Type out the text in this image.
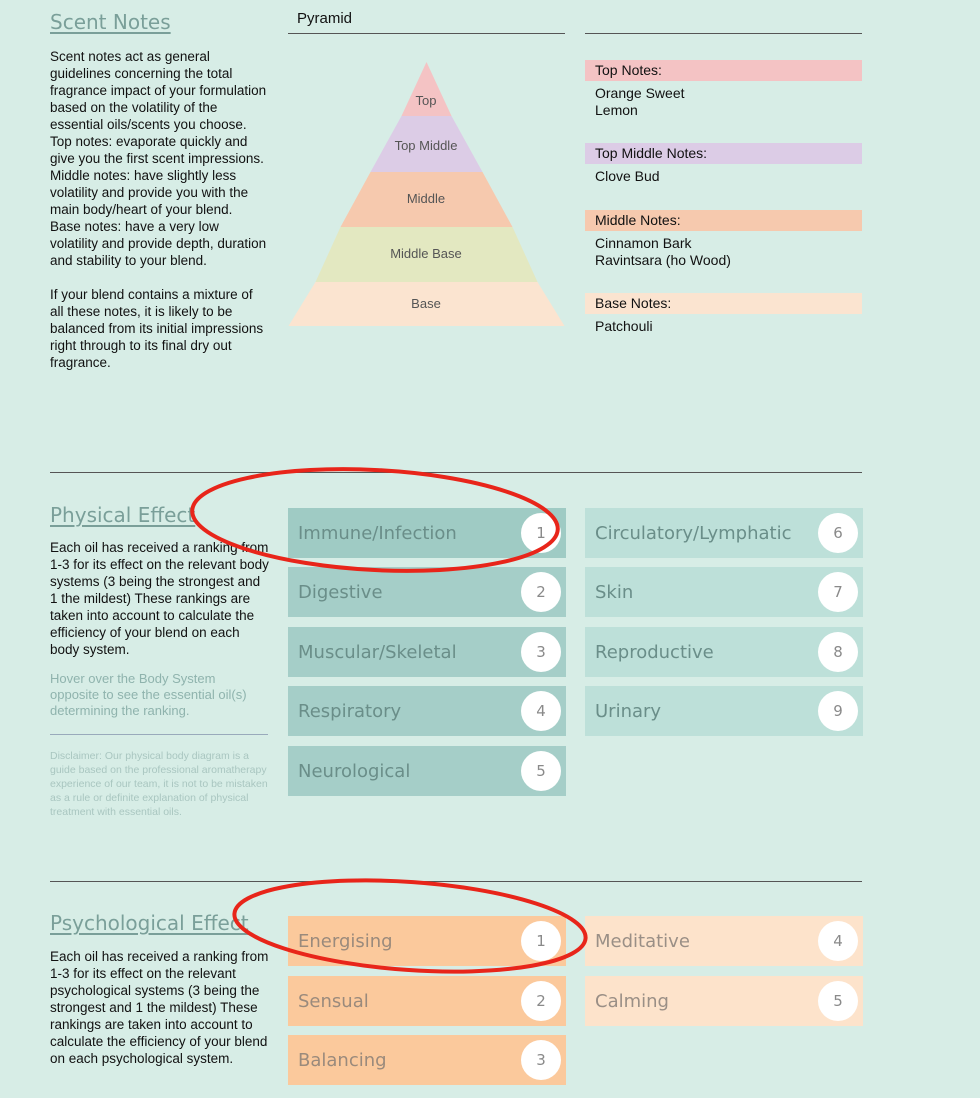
Scent Notes

Scent notes act as general guidelines concerning the total fragrance impact of your formulation based on the volatility of the essential oils/scents you choose.

Top notes: evaporate quickly and give you the first scent impressions.

Middle notes: have slightly less volatility and provide you with the main body/heart of your blend.

Base notes: have a very low volatility and provide depth, duration and stability to your blend.

If your blend contains a mixture of all these notes, it is likely to be balanced from its initial impressions right through to its final dry out fragrance.

Pyramid
Top
Top Middle
Middle
Middle Base
Base
Top Notes:
Orange Sweet
Lemon
Top Middle Notes:
Clove Bud
Middle Notes:
Cinnamon Bark
Ravintsara (ho Wood)
Base Notes:
Patchouli
Physical Effect
Each oil has received a ranking from 1-3 for its effect on the relevant body systems (3 being the strongest and 1 the mildest) These rankings are taken into account to calculate the efficiency of your blend on each body system.
Hover over the Body System opposite to see the essential oil(s) determining the ranking.
Disclaimer: Our physical body diagram is a guide based on the professional aromatherapy experience of our team, it is not to be mistaken as a rule or definite explanation of physical treatment with essential oils.
Immune/Infection	1
Digestive	2
Muscular/Skeletal	3
Respiratory	4
Neurological	5
Circulatory/Lymphatic	6
Skin	7
Reproductive	8
Urinary	9
Psychological Effect
Each oil has received a ranking from 1-3 for its effect on the relevant psychological systems (3 being the strongest and 1 the mildest) These rankings are taken into account to calculate the efficiency of your blend on each psychological system.
Energising	1
Sensual	2
Balancing	3
Meditative	4
Calming	5
